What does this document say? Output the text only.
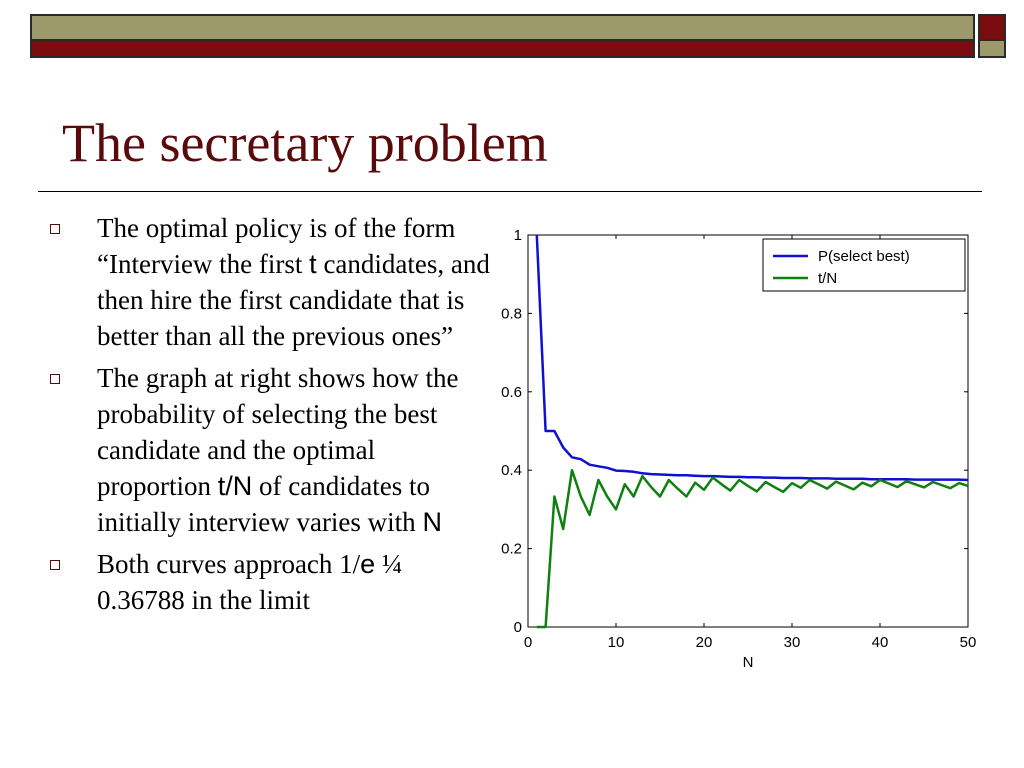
The secretary problem
The optimal policy is of the form “Interview the first t candidates, and then hire the first candidate that is better than all the previous ones”
The graph at right shows how the probability of selecting the best candidate and the optimal proportion t/N of candidates to initially interview varies with N
Both curves approach 1/e ¼ 0.36788 in the limit
0	10	20	30	40	50
0
0.2
0.4
0.6
0.8
1
N
P(select best)
t/N
